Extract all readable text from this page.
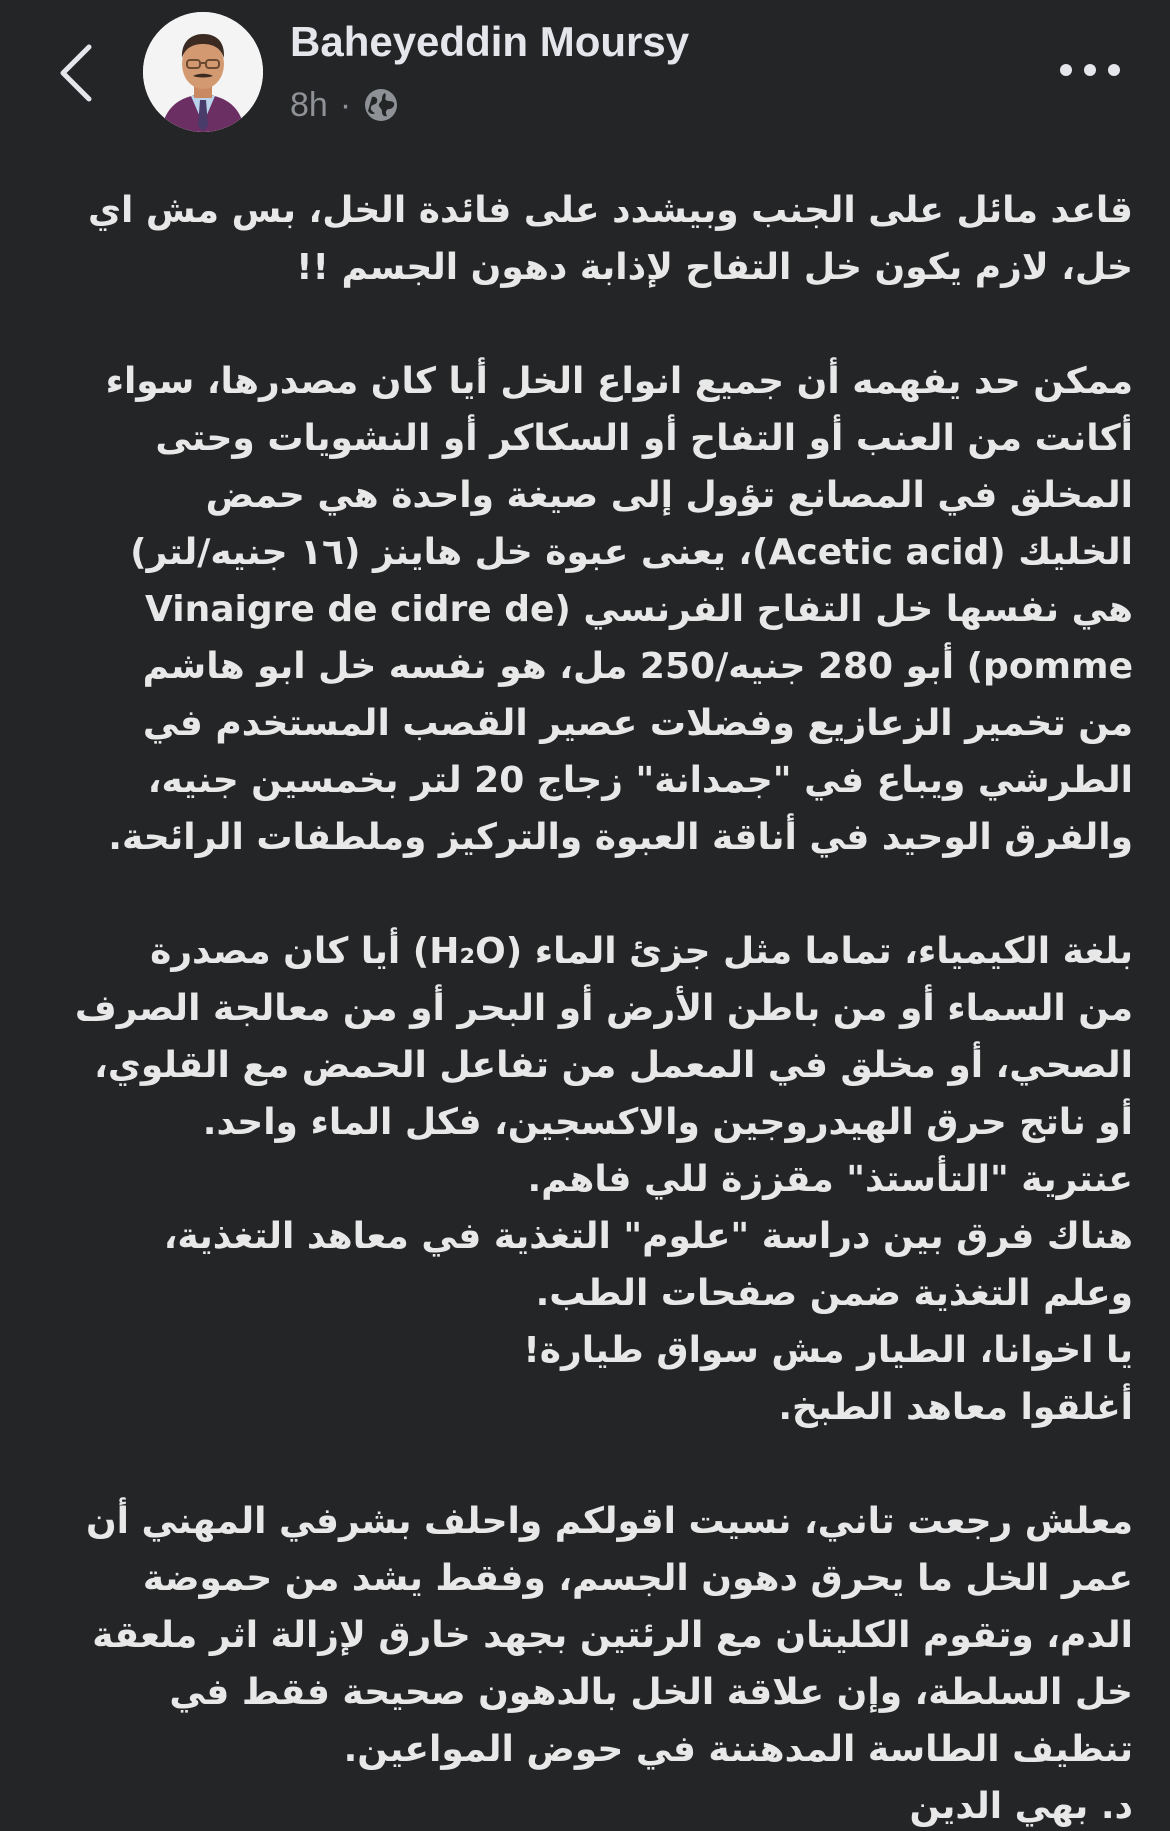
Baheyeddin Moursy
8h ·
قاعد مائل على الجنب وبيشدد على فائدة الخل، بس مش اي
خل، لازم يكون خل التفاح لإذابة دهون الجسم !!
ممكن حد يفهمه أن جميع انواع الخل أيا كان مصدرها، سواء
أكانت من العنب أو التفاح أو السكاكر أو النشويات وحتى
المخلق في المصانع تؤول إلى صيغة واحدة هي حمض
الخليك (Acetic acid)، يعنى عبوة خل هاينز (١٦ جنيه/لتر)
هي نفسها خل التفاح الفرنسي (Vinaigre de cidre de
pomme) أبو 280 جنيه/250 مل، هو نفسه خل ابو هاشم
من تخمير الزعازيع وفضلات عصير القصب المستخدم في
الطرشي ويباع في "جمدانة" زجاج 20 لتر بخمسين جنيه،
والفرق الوحيد في أناقة العبوة والتركيز وملطفات الرائحة.
بلغة الكيمياء، تماما مثل جزئ الماء (H₂O) أيا كان مصدرة
من السماء أو من باطن الأرض أو البحر أو من معالجة الصرف
الصحي، أو مخلق في المعمل من تفاعل الحمض مع القلوي،
أو ناتج حرق الهيدروجين والاكسجين، فكل الماء واحد.
عنترية "التأستذ" مقززة للي فاهم.
هناك فرق بين دراسة "علوم" التغذية في معاهد التغذية،
وعلم التغذية ضمن صفحات الطب.
يا اخوانا، الطيار مش سواق طيارة!
أغلقوا معاهد الطبخ.
معلش رجعت تاني، نسيت اقولكم واحلف بشرفي المهني أن
عمر الخل ما يحرق دهون الجسم، وفقط يشد من حموضة
الدم، وتقوم الكليتان مع الرئتين بجهد خارق لإزالة اثر ملعقة
خل السلطة، وإن علاقة الخل بالدهون صحيحة فقط في
تنظيف الطاسة المدهننة في حوض المواعين.
د. بهي الدين
